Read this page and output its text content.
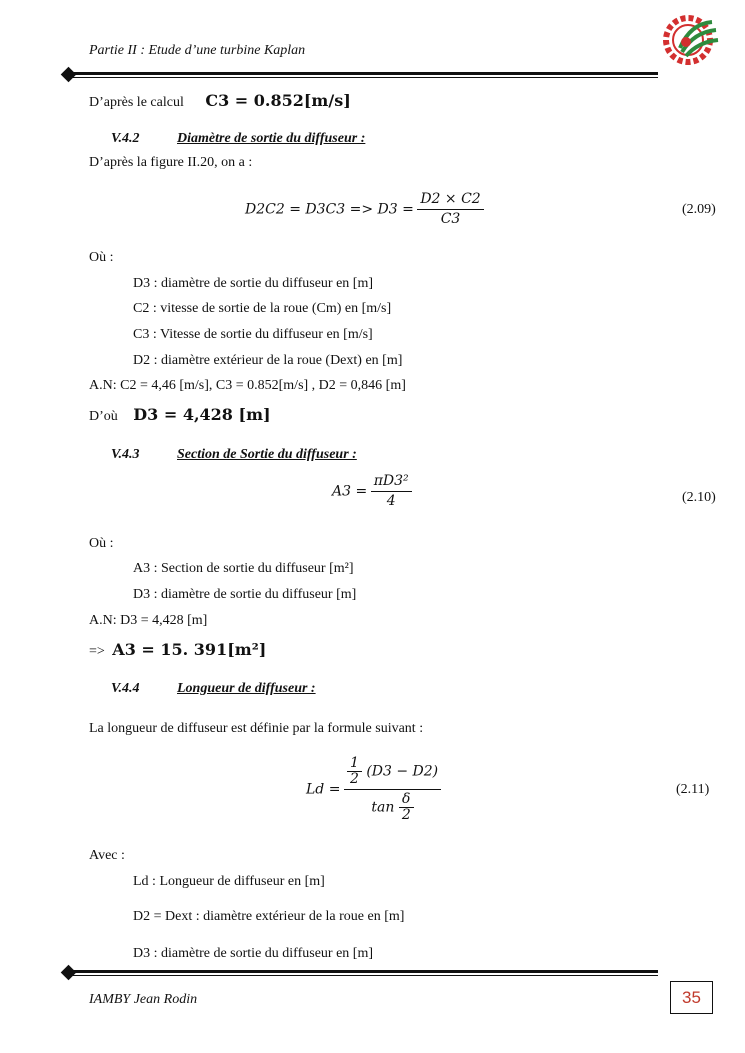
Partie II : Etude d’une turbine Kaplan
D’après le calcul C3 = 0.852[m/s]
V.4.2	Diamètre de sortie du diffuseur :
D’après la figure II.20, on a :
$D2C2 = D3C3 => D3 = \frac{D2 \times C2}{C3}$	(2.09)
Où :
D3 : diamètre de sortie du diffuseur en [m]
C2 : vitesse de sortie de la roue (Cm) en [m/s]
C3 : Vitesse de sortie du diffuseur en [m/s]
D2 : diamètre extérieur de la roue (Dext) en [m]
A.N: C2 = 4,46 [m/s], C3 = 0.852[m/s] , D2 = 0,846 [m]
D’où D3 = 4,428 [m]
V.4.3	Section de Sortie du diffuseur :
$A3 = \frac{\text{πD3²}}{4}$	(2.10)
Où :
A3 : Section de sortie du diffuseur [m²]
D3 : diamètre de sortie du diffuseur [m]
A.N: D3 = 4,428 [m]
=> A3 = 15. 391[m²]
V.4.4	Longueur de diffuseur :
La longueur de diffuseur est définie par la formule suivant :
$Ld = \frac{\frac{1}{2} (D3 - D2)}{\tan \frac{\delta}{2}}$	(2.11)
Avec :
Ld : Longueur de diffuseur en [m]
D2 = Dext : diamètre extérieur de la roue en [m]
D3 : diamètre de sortie du diffuseur en [m]
IAMBY Jean Rodin	35
